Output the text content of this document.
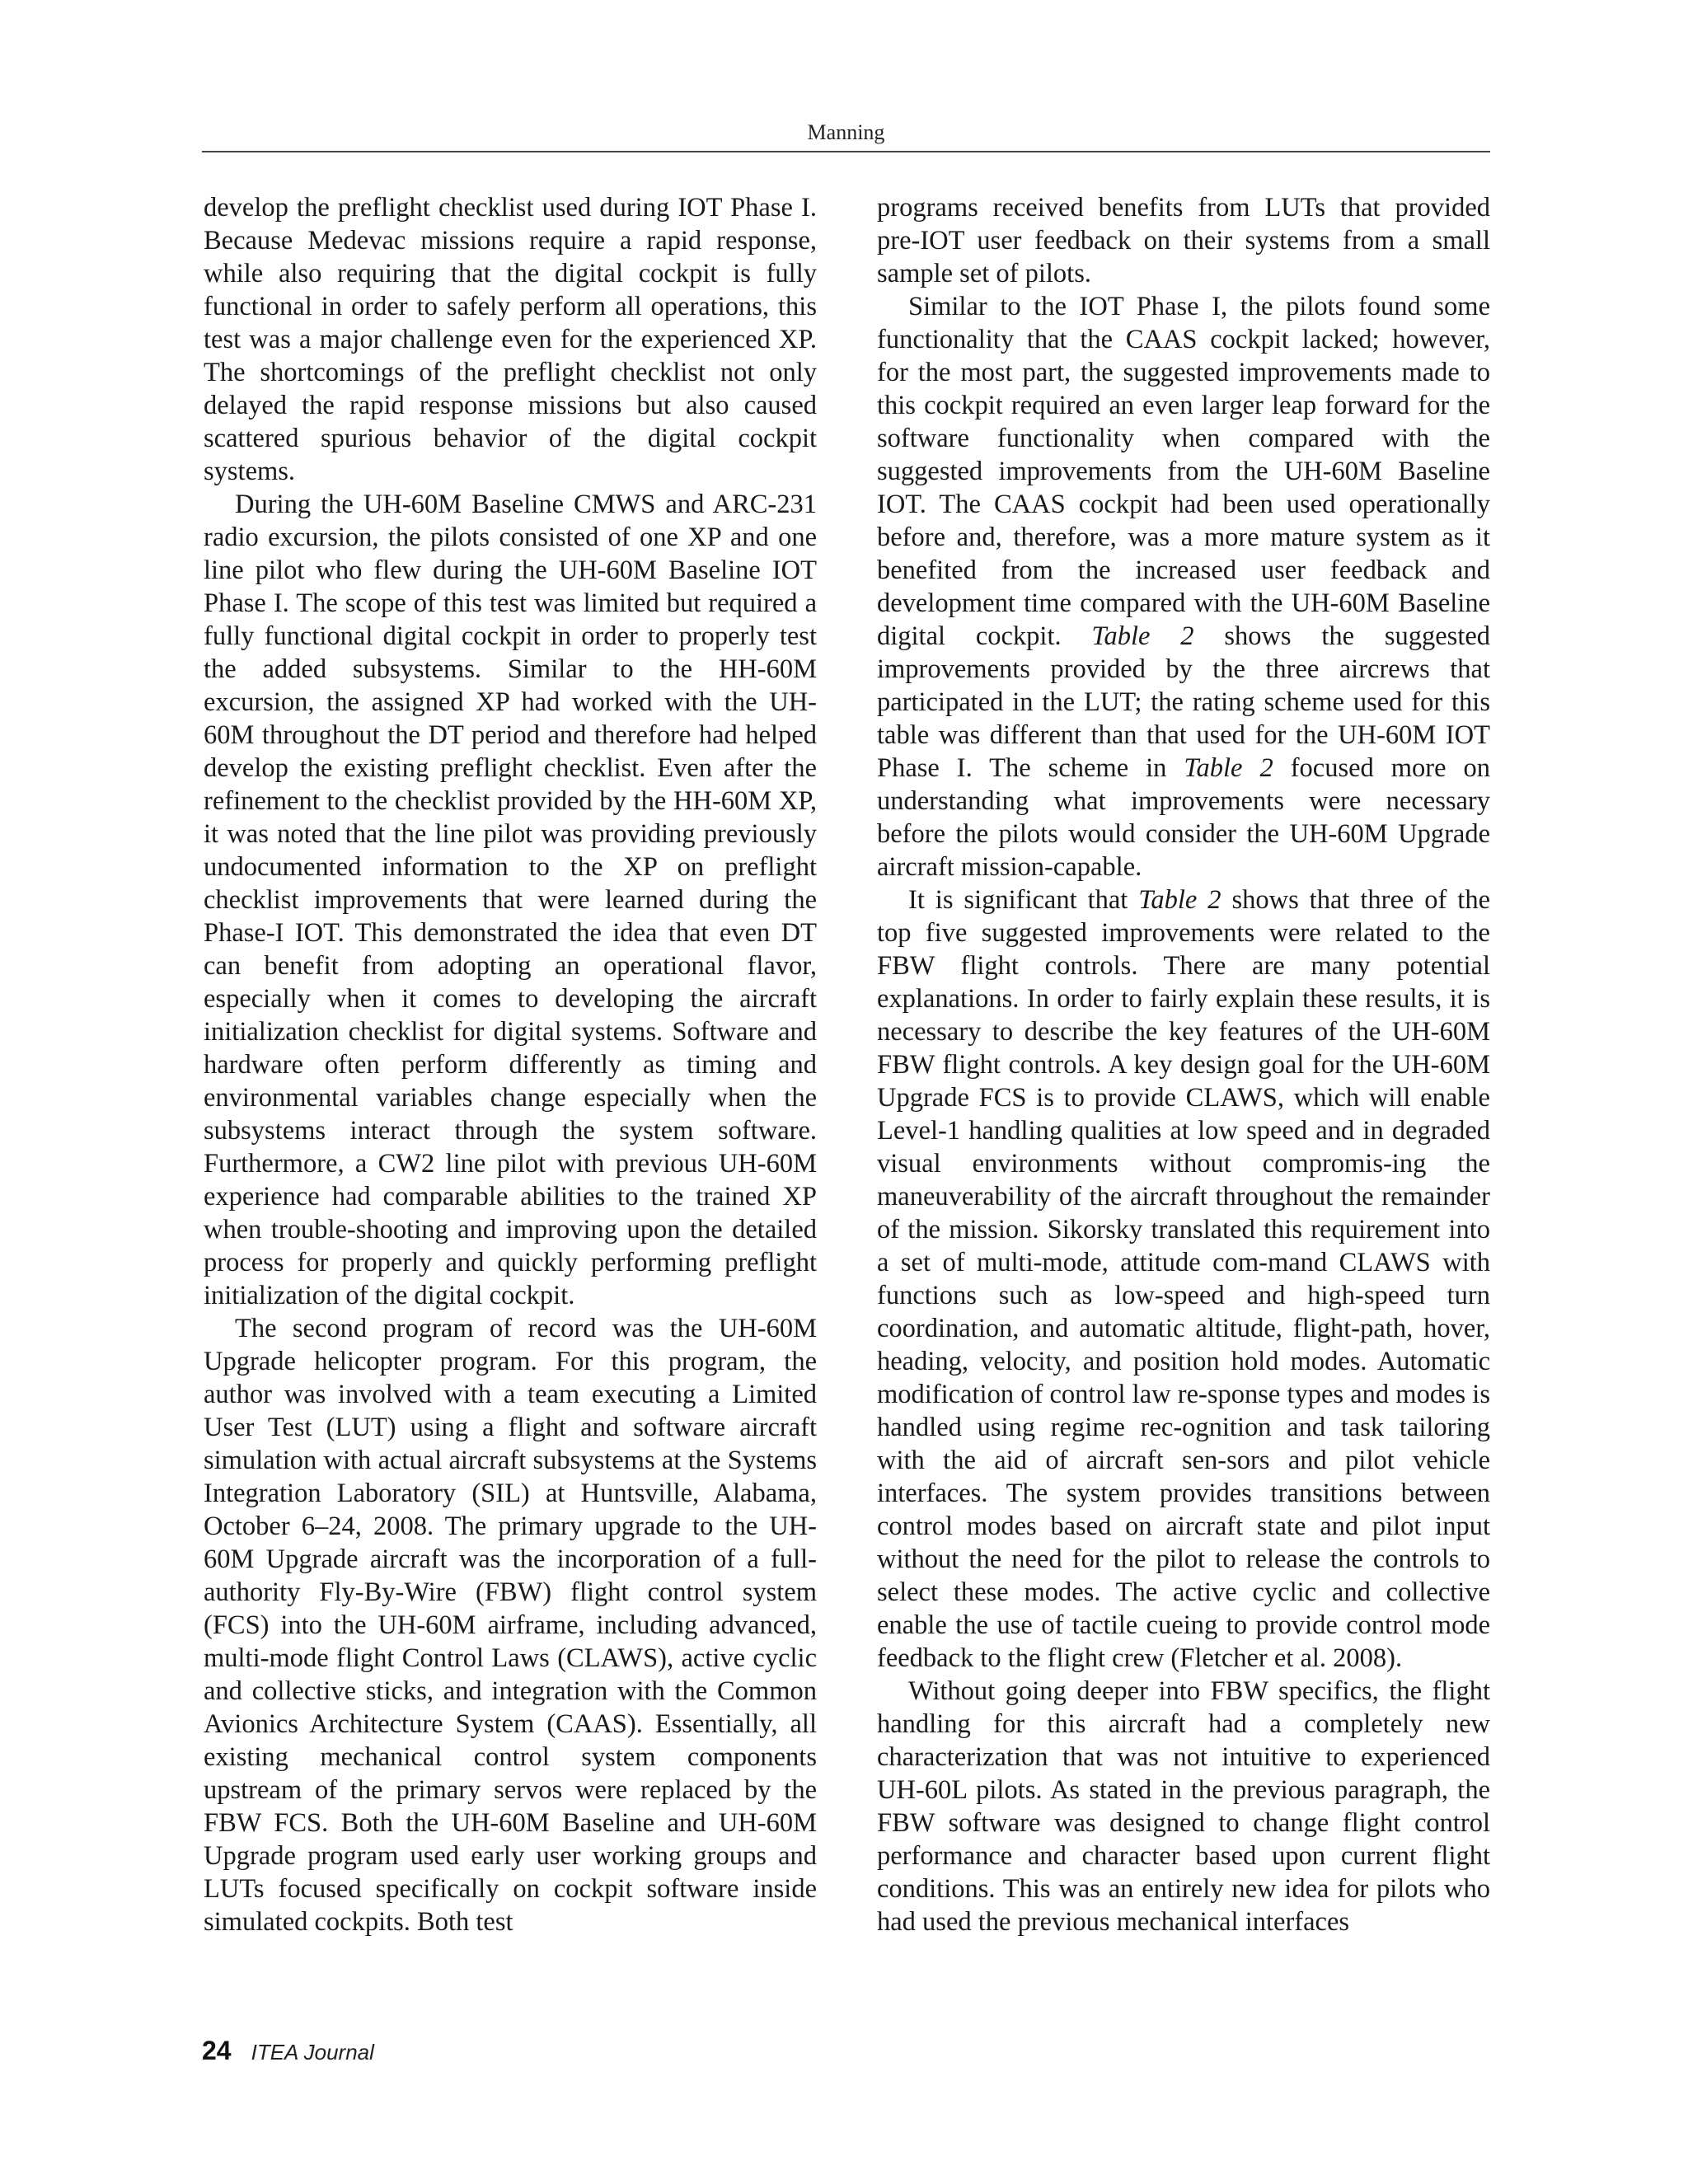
Manning

develop the preflight checklist used during IOT Phase I. Because Medevac missions require a rapid response, while also requiring that the digital cockpit is fully functional in order to safely perform all operations, this test was a major challenge even for the experienced XP. The shortcomings of the preflight checklist not only delayed the rapid response missions but also caused scattered spurious behavior of the digital cockpit systems.

During the UH-60M Baseline CMWS and ARC-231 radio excursion, the pilots consisted of one XP and one line pilot who flew during the UH-60M Baseline IOT Phase I. The scope of this test was limited but required a fully functional digital cockpit in order to properly test the added subsystems. Similar to the HH-60M excursion, the assigned XP had worked with the UH-60M throughout the DT period and therefore had helped develop the existing preflight checklist. Even after the refinement to the checklist provided by the HH-60M XP, it was noted that the line pilot was providing previously undocumented information to the XP on preflight checklist improvements that were learned during the Phase-I IOT. This demonstrated the idea that even DT can benefit from adopting an operational flavor, especially when it comes to developing the aircraft initialization checklist for digital systems. Software and hardware often perform differently as timing and environmental variables change especially when the subsystems interact through the system software. Furthermore, a CW2 line pilot with previous UH-60M experience had comparable abilities to the trained XP when trouble-shooting and improving upon the detailed process for properly and quickly performing preflight initialization of the digital cockpit.

The second program of record was the UH-60M Upgrade helicopter program. For this program, the author was involved with a team executing a Limited User Test (LUT) using a flight and software aircraft simulation with actual aircraft subsystems at the Systems Integration Laboratory (SIL) at Huntsville, Alabama, October 6–24, 2008. The primary upgrade to the UH-60M Upgrade aircraft was the incorporation of a full-authority Fly-By-Wire (FBW) flight control system (FCS) into the UH-60M airframe, including advanced, multi-mode flight Control Laws (CLAWS), active cyclic and collective sticks, and integration with the Common Avionics Architecture System (CAAS). Essentially, all existing mechanical control system components upstream of the primary servos were replaced by the FBW FCS. Both the UH-60M Baseline and UH-60M Upgrade program used early user working groups and LUTs focused specifically on cockpit software inside simulated cockpits. Both test

programs received benefits from LUTs that provided pre-IOT user feedback on their systems from a small sample set of pilots.

Similar to the IOT Phase I, the pilots found some functionality that the CAAS cockpit lacked; however, for the most part, the suggested improvements made to this cockpit required an even larger leap forward for the software functionality when compared with the suggested improvements from the UH-60M Baseline IOT. The CAAS cockpit had been used operationally before and, therefore, was a more mature system as it benefited from the increased user feedback and development time compared with the UH-60M Baseline digital cockpit. Table 2 shows the suggested improvements provided by the three aircrews that participated in the LUT; the rating scheme used for this table was different than that used for the UH-60M IOT Phase I. The scheme in Table 2 focused more on understanding what improvements were necessary before the pilots would consider the UH-60M Upgrade aircraft mission-capable.

It is significant that Table 2 shows that three of the top five suggested improvements were related to the FBW flight controls. There are many potential explanations. In order to fairly explain these results, it is necessary to describe the key features of the UH-60M FBW flight controls. A key design goal for the UH-60M Upgrade FCS is to provide CLAWS, which will enable Level-1 handling qualities at low speed and in degraded visual environments without compromis-ing the maneuverability of the aircraft throughout the remainder of the mission. Sikorsky translated this requirement into a set of multi-mode, attitude com-mand CLAWS with functions such as low-speed and high-speed turn coordination, and automatic altitude, flight-path, hover, heading, velocity, and position hold modes. Automatic modification of control law re-sponse types and modes is handled using regime rec-ognition and task tailoring with the aid of aircraft sen-sors and pilot vehicle interfaces. The system provides transitions between control modes based on aircraft state and pilot input without the need for the pilot to release the controls to select these modes. The active cyclic and collective enable the use of tactile cueing to provide control mode feedback to the flight crew (Fletcher et al. 2008).

Without going deeper into FBW specifics, the flight handling for this aircraft had a completely new characterization that was not intuitive to experienced UH-60L pilots. As stated in the previous paragraph, the FBW software was designed to change flight control performance and character based upon current flight conditions. This was an entirely new idea for pilots who had used the previous mechanical interfaces

24 ITEA Journal
